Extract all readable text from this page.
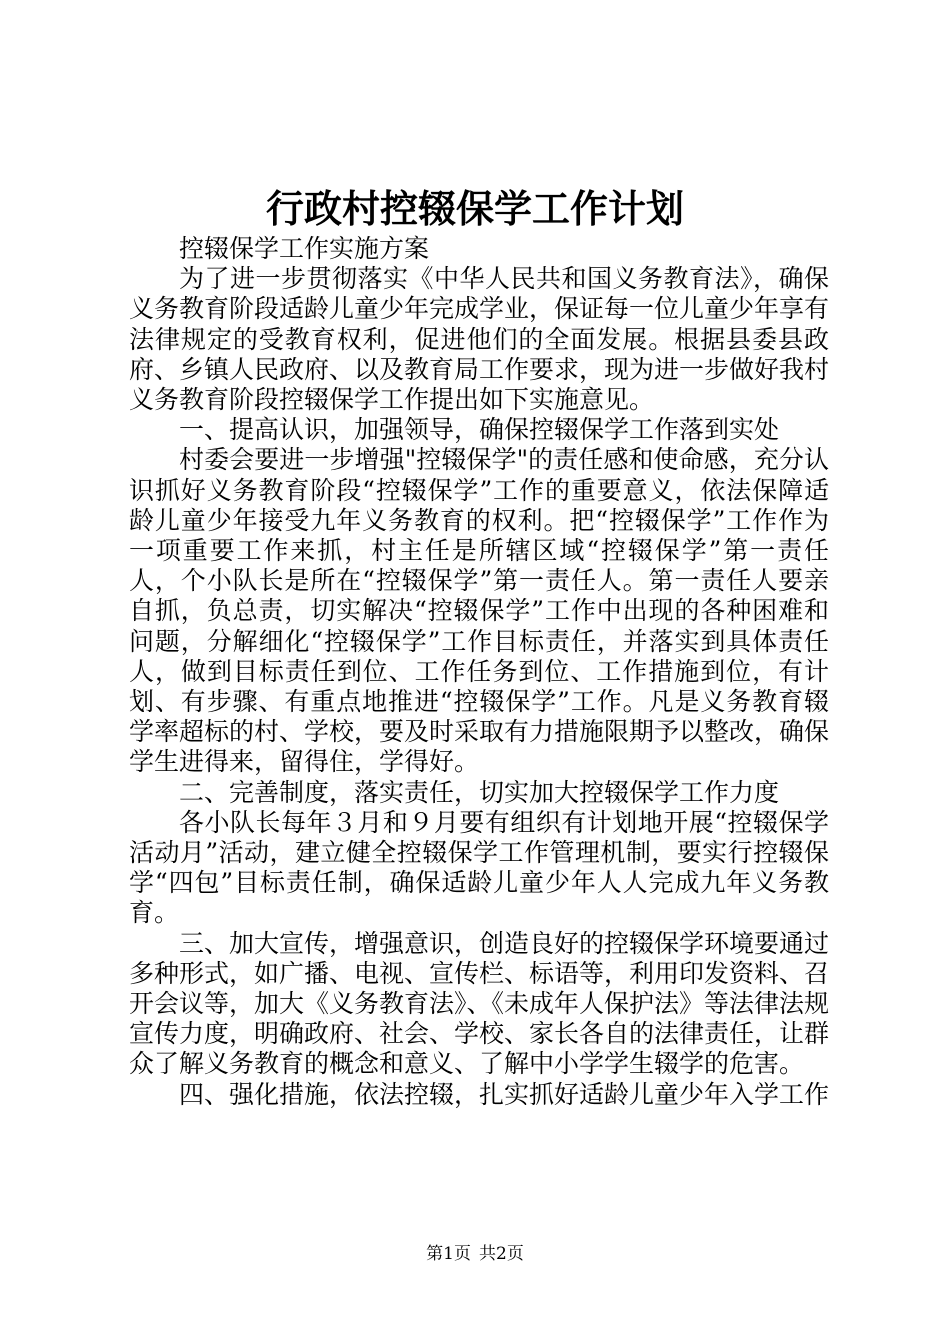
行政村控辍保学工作计划

控辍保学工作实施方案

为了进一步贯彻落实《中华人民共和国义务教育法》，确保义务教育阶段适龄儿童少年完成学业，保证每一位儿童少年享有法律规定的受教育权利，促进他们的全面发展。根据县委县政府、乡镇人民政府、以及教育局工作要求，现为进一步做好我村义务教育阶段控辍保学工作提出如下实施意见。

一、提高认识，加强领导，确保控辍保学工作落到实处

村委会要进一步增强"控辍保学"的责任感和使命感，充分认识抓好义务教育阶段“控辍保学”工作的重要意义，依法保障适龄儿童少年接受九年义务教育的权利。把“控辍保学”工作作为一项重要工作来抓，村主任是所辖区域“控辍保学”第一责任人，个小队长是所在“控辍保学”第一责任人。第一责任人要亲自抓，负总责，切实解决“控辍保学”工作中出现的各种困难和问题，分解细化“控辍保学”工作目标责任，并落实到具体责任人，做到目标责任到位、工作任务到位、工作措施到位，有计划、有步骤、有重点地推进“控辍保学”工作。凡是义务教育辍学率超标的村、学校，要及时采取有力措施限期予以整改，确保学生进得来，留得住，学得好。

二、完善制度，落实责任，切实加大控辍保学工作力度

各小队长每年３月和９月要有组织有计划地开展“控辍保学活动月”活动，建立健全控辍保学工作管理机制，要实行控辍保学“四包”目标责任制，确保适龄儿童少年人人完成九年义务教育。

三、加大宣传，增强意识，创造良好的控辍保学环境要通过多种形式，如广播、电视、宣传栏、标语等，利用印发资料、召开会议等，加大《义务教育法》、《未成年人保护法》等法律法规宣传力度，明确政府、社会、学校、家长各自的法律责任，让群众了解义务教育的概念和意义、了解中小学学生辍学的危害。

四、强化措施，依法控辍，扎实抓好适龄儿童少年入学工作

第1页 共2页
